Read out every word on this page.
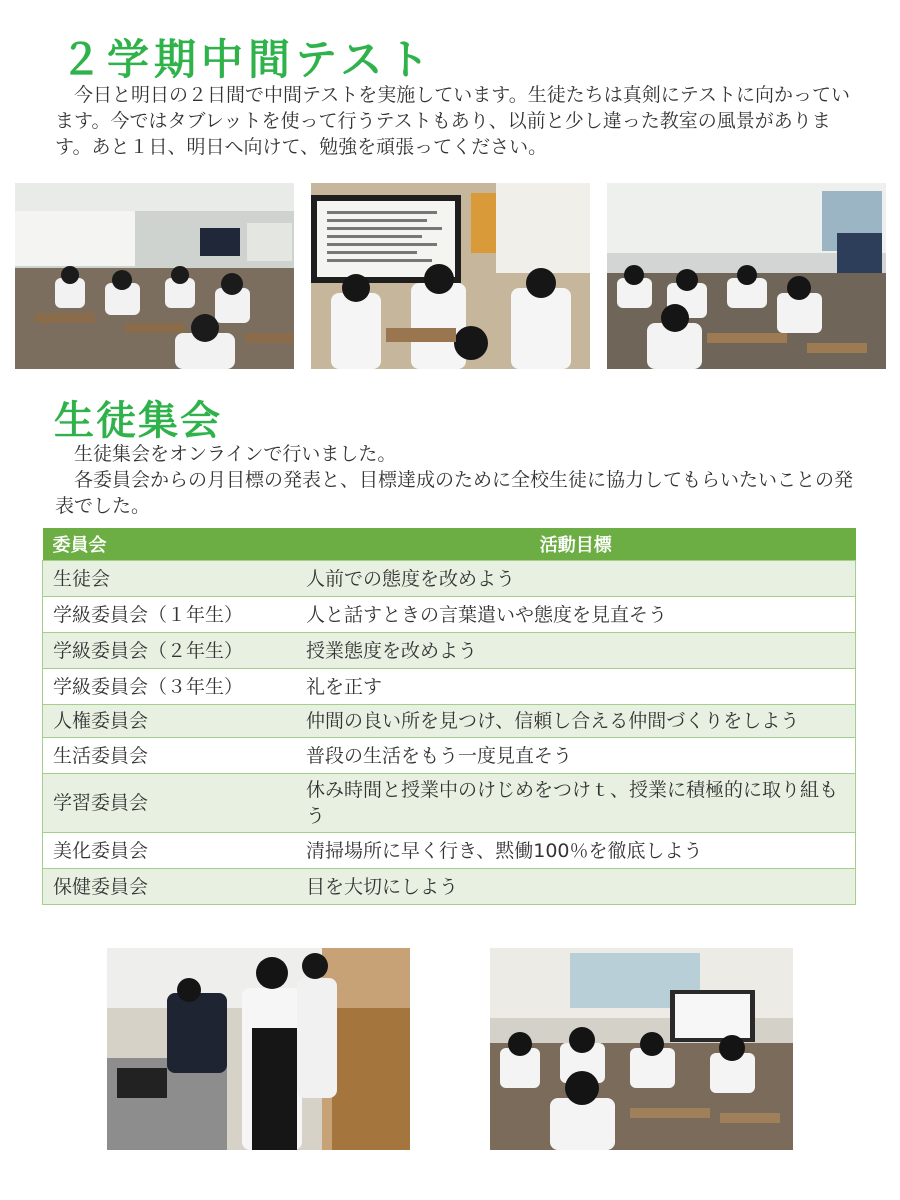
２学期中間テスト

今日と明日の２日間で中間テストを実施しています。生徒たちは真剣にテストに向かっています。今ではタブレットを使って行うテストもあり、以前と少し違った教室の風景があります。あと１日、明日へ向けて、勉強を頑張ってください。

生徒集会
生徒集会をオンラインで行いました。
各委員会からの月目標の発表と、目標達成のために全校生徒に協力してもらいたいことの発表でした。
委員会	活動目標
生徒会	人前での態度を改めよう
学級委員会（１年生）	人と話すときの言葉遣いや態度を見直そう
学級委員会（２年生）	授業態度を改めよう
学級委員会（３年生）	礼を正す
人権委員会	仲間の良い所を見つけ、信頼し合える仲間づくりをしよう
生活委員会	普段の生活をもう一度見直そう
学習委員会	休み時間と授業中のけじめをつけｔ、授業に積極的に取り組もう
美化委員会	清掃場所に早く行き、黙働100％を徹底しよう
保健委員会	目を大切にしよう
